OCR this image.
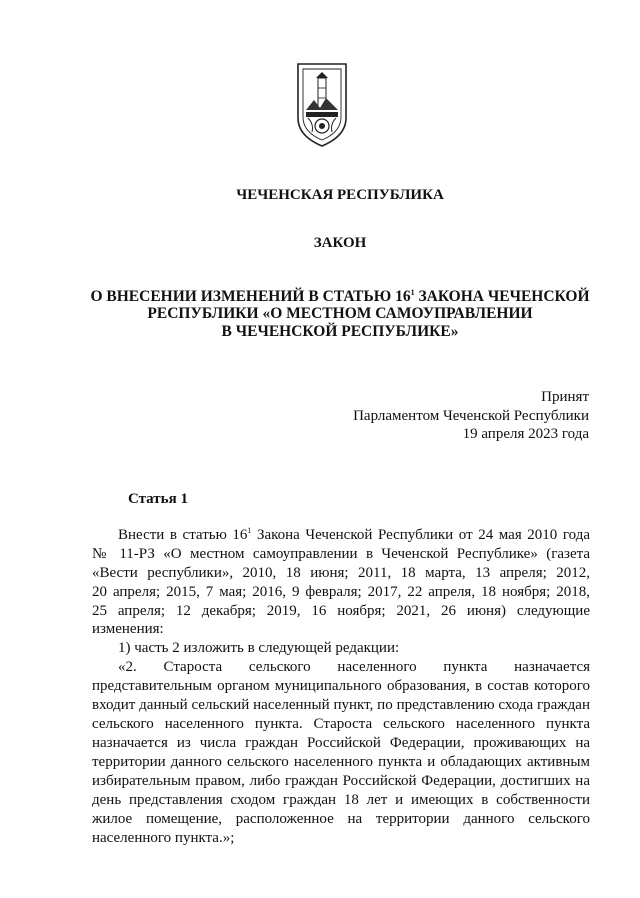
ЧЕЧЕНСКАЯ РЕСПУБЛИКА
ЗАКОН
О ВНЕСЕНИИ ИЗМЕНЕНИЙ В СТАТЬЮ $16^1$ ЗАКОНА ЧЕЧЕНСКОЙ
РЕСПУБЛИКИ «О МЕСТНОМ САМОУПРАВЛЕНИИ
В ЧЕЧЕНСКОЙ РЕСПУБЛИКЕ»
Принят
Парламентом Чеченской Республики
19 апреля 2023 года
Статья 1
Внести в статью $16^1$ Закона Чеченской Республики от 24 мая 2010 года
№ 11-РЗ «О местном самоуправлении в Чеченской Республике» (газета
«Вести республики», 2010, 18 июня; 2011, 18 марта, 13 апреля; 2012,
20 апреля; 2015, 7 мая; 2016, 9 февраля; 2017, 22 апреля, 18 ноября; 2018,
25 апреля; 12 декабря; 2019, 16 ноября; 2021, 26 июня) следующие
изменения:
1) часть 2 изложить в следующей редакции:
«2. Староста сельского населенного пункта назначается
представительным органом муниципального образования, в состав которого
входит данный сельский населенный пункт, по представлению схода граждан
сельского населенного пункта. Староста сельского населенного пункта
назначается из числа граждан Российской Федерации, проживающих на
территории данного сельского населенного пункта и обладающих активным
избирательным правом, либо граждан Российской Федерации, достигших на
день представления сходом граждан 18 лет и имеющих в собственности
жилое помещение, расположенное на территории данного сельского
населенного пункта.»;
